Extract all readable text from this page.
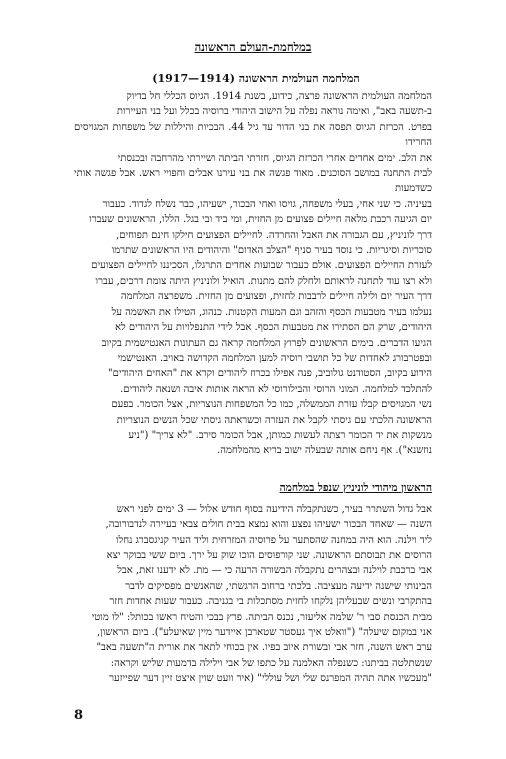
במלחמת-העולם הראשונה
המלחמה העולמית הראשונה (1917—1914)

המלחמה העולמית הראשונה פרצה, כידוע, בשנת 1914. הגיוס הכללי חל בדיוק

ב-תשעה באב", ואימה נוראה נפלה על הישוב היהודי ברוסיה בכלל ועל בני העיירות

בפרט. הכרזת הגיוס תפסה את בני הדור עד גיל 44. הבכיות והיללות של משפחות המגויסים החרידו

את הלב. ימים אחדים אחרי הכרזת הגיוס, חזרתי הביתה ושיירתי מהרחבה ובכנסתי

לבית התחנה במושב הסוכנים. מאוד פגשה את בני עירנו אבלים וחפויי ראש. אבל פגשה אותי כשדמעות

בעיניה. כי שני אחי, בעלי משפחה, גויסו ואחי הבכור, ישעיהו, כבר נשלח לגדוד. כעבור

יום הגיעה רכבת מלאה חיילים פצועים מן החזית, ומי ביד ובי בגל. הללו, הראשונים שעברו

דרך לוניניץ, עם הגבורה את האבל והחרדה. לחיילים הפצועים חילקו חינם תפוחים,

סוכריות וסיגריות. כי נוסד בעיר סניף "הצלב האדום" והיהודים היו הראשונים שתרמו

לעזרת החיילים הפצועים. אולם כעבור שבועות אחדים התרגלו, הסכיננו לחיילים הפצועים

ולא רצו עוד לתחנה לראותם ולחלק להם מתנות. הואיל ולוניניץ היתה צומת דרכים, עברו

דרך העיר יום ולילה חיילים לרבבות לחזית, ופצועים מן החזית. משפרצה המלחמה

נעלמו בעיר מטבעות הכסף והזהב וגם המעות הקטנות. כנהוג, הטילו את האשמה על

היהודים, שרק הם הסתירו את מטבעות הכסף. אבל לידי התנפלויות על היהודים לא

הגיעו הדברים. בימים הראשונים לפרוץ המלחמה קראה גם העתונות האנטישמית בקיוב

ובפטרבורג לאחדות של כל תושבי רוסיה למען המלחמה הקדושה באויב. האנטישמי

הידוע בקיוב, הסטודנט גולוביב, פנה אפילו בכרוז ליהודים וקרא את "האחים היהודים"

להתלכד למלחמה. המוני הרוסי והבילורוסי לא הראה אותות איבה ושנאה ליהודים.

נשי המגויסים קבלו עזרת הממשלה, כמו כל המשפחות הנוצריות, אצל הכומר. בפעם

הראשונה הלכתי עם גיסתי לקבל את העזרה וכשראתה גיסתי שכל הנשים הנוצריות

מנשקות את יד הכומר רצתה לעשות כמותן, אבל הכומר סירב. "לא צריך" ("ניע

נוזשנא"). אף ניחם אותה שבעלה ישוב בריא מהמלחמה.

הראשון מיהודי לוניניץ שנפל במלחמה

אבל גדול השתרר בעיר, כשנתקבלה הידיעה בסוף חודש אלול — 3 ימים לפני ראש

השנה — שאחד הבכור ישעיהו נפצע והוא נמצא בבית חולים צבאי בעיירה לנדבורובה,

ליד וילנה. הוא היה במחנה שהסתער על פרוסיה המזרחית וליד העיר קניגסברג נחלו

הרוסים את תבוסתם הראשונה. שני קורפוסים הוכו שוק על ירך. ביום ששי בבוקר יצא

אבי ברכבת לוילנה ובצהרים נתקבלה הבשורה הרעה כי — מת. לא ידענו זאת, אבל

הבינותי שישנה ידיעה מעציבה. בלכתי ברחוב הרגשתי, שהאנשים מפסיקים לדבר

בהתקרבי ונשים שבעליהן נלקחו לחזית מסתכלות בי בגניבה. כעבור שעות אחדות חזר

מבית הכנסת סבי ר' שלמה אליעזר, נכנס הביתה. פרץ בבכי והטיח ראשו בכותל: "לו מוטי

אני במקום שיעלה" ("וואלט איך געסטר שטארבן איידער מיין שאיעלע"). ביום הראשון,

ערב ראש השנה, חזר אבי ובשורת איוב בפיו. אין בכוחי לתאר את אורית ה"תשעה באב"

שנשתלטה בביתנו: כשנפלה האלמנה על כתפו של אבי וילילה בדמעות שליש וקראה:

"מעכשיו אתה תהיה המפרנס שלי ושל עוללי" (איר וועט שוין איצט זיין דער שפייזער

8
